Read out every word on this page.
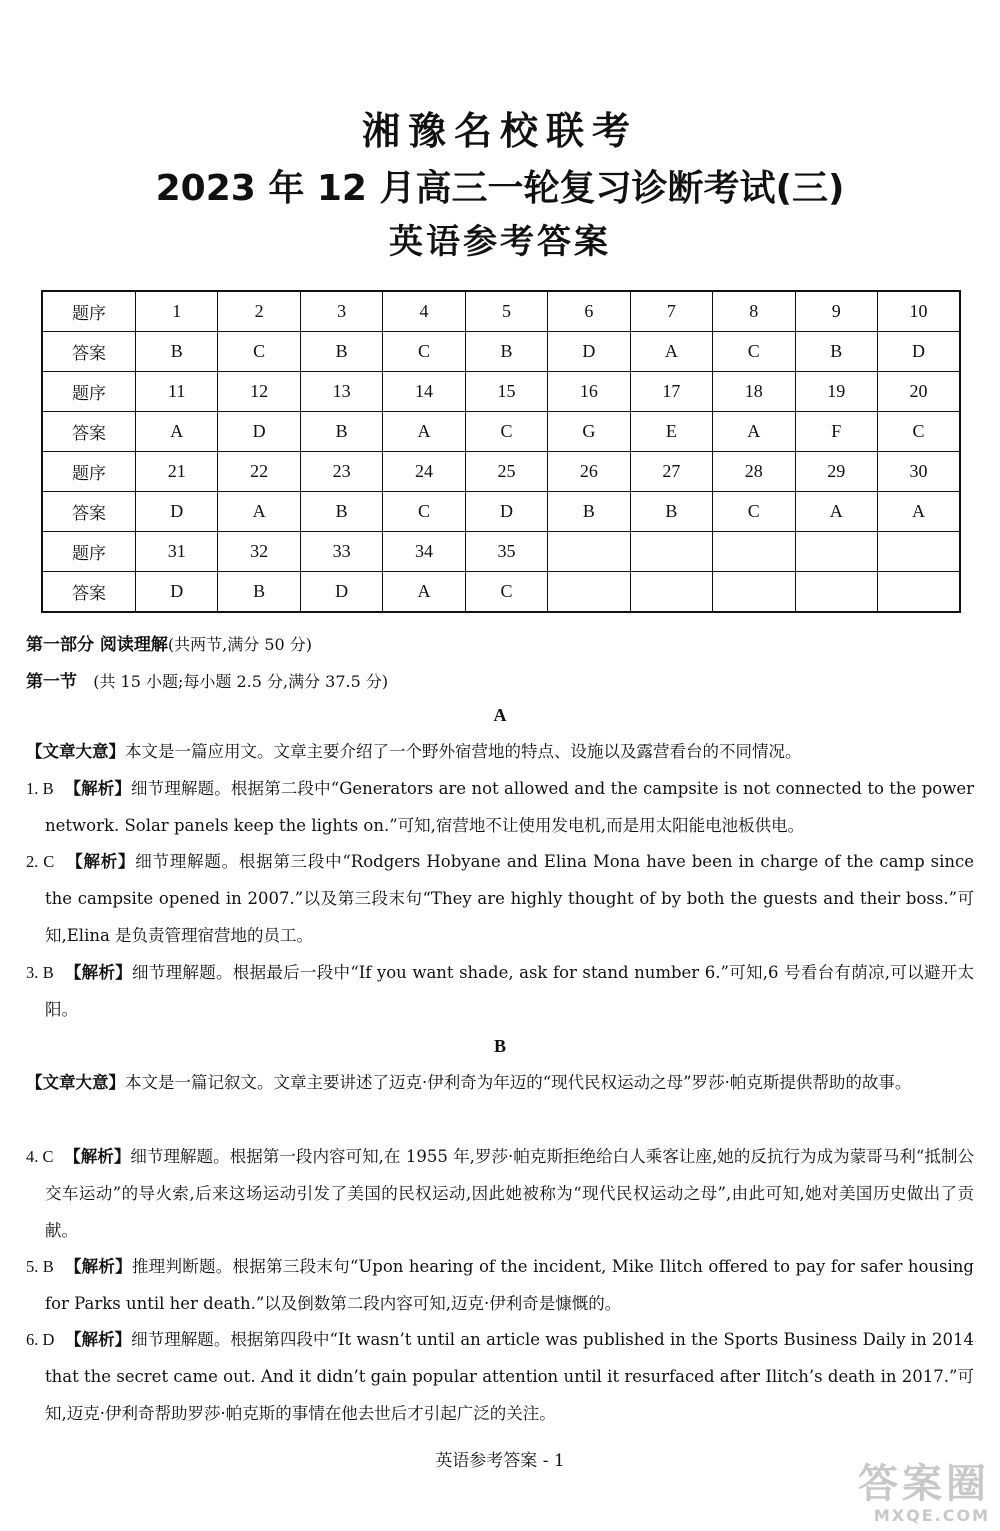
湘豫名校联考
2023 年 12 月高三一轮复习诊断考试(三)
英语参考答案
题序	1	2	3	4	5	6	7	8	9	10
答案	B	C	B	C	B	D	A	C	B	D
题序	11	12	13	14	15	16	17	18	19	20
答案	A	D	B	A	C	G	E	A	F	C
题序	21	22	23	24	25	26	27	28	29	30
答案	D	A	B	C	D	B	B	C	A	A
题序	31	32	33	34	35					
答案	D	B	D	A	C					
第一部分 阅读理解(共两节,满分 50 分)
第一节 (共 15 小题;每小题 2.5 分,满分 37.5 分)
A
【文章大意】本文是一篇应用文。文章主要介绍了一个野外宿营地的特点、设施以及露营看台的不同情况。
1. B 【解析】细节理解题。根据第二段中“Generators are not allowed and the campsite is not connected to the power network. Solar panels keep the lights on.”可知,宿营地不让使用发电机,而是用太阳能电池板供电。
2. C 【解析】细节理解题。根据第三段中“Rodgers Hobyane and Elina Mona have been in charge of the camp since the campsite opened in 2007.”以及第三段末句“They are highly thought of by both the guests and their boss.”可知,Elina 是负责管理宿营地的员工。
3. B 【解析】细节理解题。根据最后一段中“If you want shade, ask for stand number 6.”可知,6 号看台有荫凉,可以避开太阳。
B
【文章大意】本文是一篇记叙文。文章主要讲述了迈克·伊利奇为年迈的“现代民权运动之母”罗莎·帕克斯提供帮助的故事。
4. C 【解析】细节理解题。根据第一段内容可知,在 1955 年,罗莎·帕克斯拒绝给白人乘客让座,她的反抗行为成为蒙哥马利“抵制公交车运动”的导火索,后来这场运动引发了美国的民权运动,因此她被称为“现代民权运动之母”,由此可知,她对美国历史做出了贡献。
5. B 【解析】推理判断题。根据第三段末句“Upon hearing of the incident, Mike Ilitch offered to pay for safer housing for Parks until her death.”以及倒数第二段内容可知,迈克·伊利奇是慷慨的。
6. D 【解析】细节理解题。根据第四段中“It wasn’t until an article was published in the Sports Business Daily in 2014 that the secret came out. And it didn’t gain popular attention until it resurfaced after Ilitch’s death in 2017.”可知,迈克·伊利奇帮助罗莎·帕克斯的事情在他去世后才引起广泛的关注。
英语参考答案 - 1	答案圈
MXQE.COM
